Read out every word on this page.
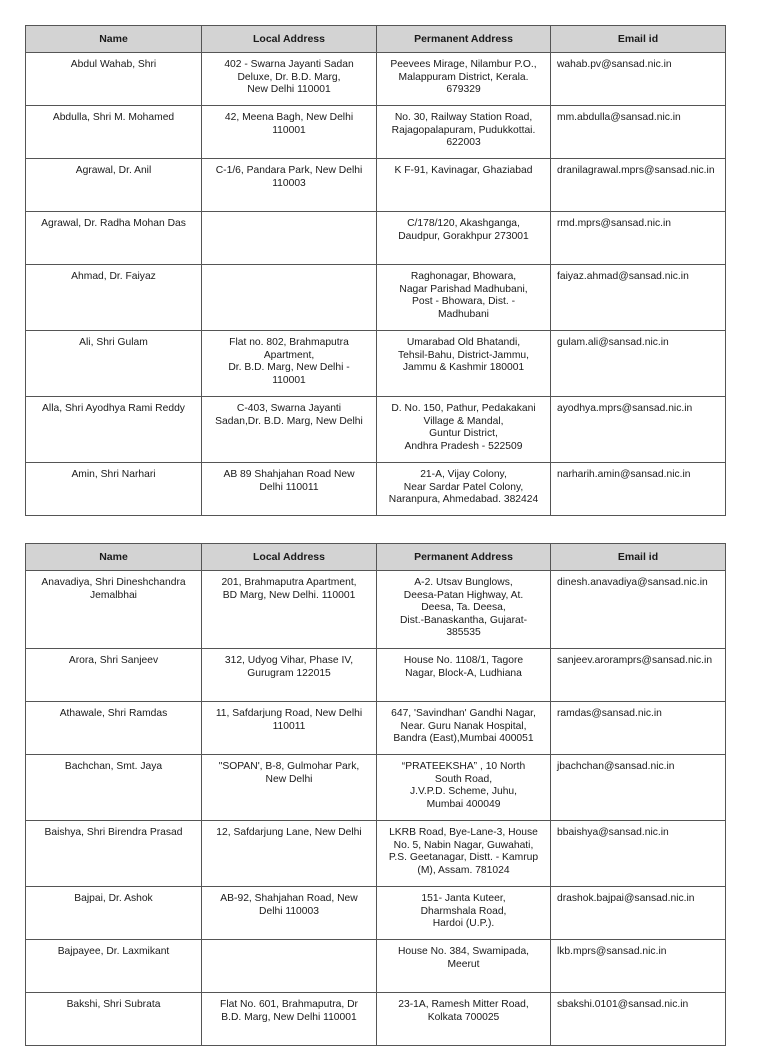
Name	Local Address	Permanent Address	Email id

Abdul Wahab, Shri	402 - Swarna Jayanti Sadan
Deluxe, Dr. B.D. Marg,
New Delhi 110001	Peevees Mirage, Nilambur P.O.,
Malappuram District, Kerala.
679329	wahab.pv@sansad.nic.in

Abdulla, Shri M. Mohamed	42, Meena Bagh, New Delhi
110001	No. 30, Railway Station Road,
Rajagopalapuram, Pudukkottai.
622003	mm.abdulla@sansad.nic.in

Agrawal, Dr. Anil	C-1/6, Pandara Park, New Delhi
110003	K F-91, Kavinagar, Ghaziabad	dranilagrawal.mprs@sansad.nic.in

Agrawal, Dr. Radha Mohan Das		C/178/120, Akashganga,
Daudpur, Gorakhpur 273001	rmd.mprs@sansad.nic.in

Ahmad, Dr. Faiyaz		Raghonagar, Bhowara,
Nagar Parishad Madhubani,
Post - Bhowara, Dist. -
Madhubani	faiyaz.ahmad@sansad.nic.in

Ali, Shri Gulam	Flat no. 802, Brahmaputra
Apartment,
Dr. B.D. Marg, New Delhi -
110001	Umarabad Old Bhatandi,
Tehsil-Bahu, District-Jammu,
Jammu & Kashmir 180001	gulam.ali@sansad.nic.in

Alla, Shri Ayodhya Rami Reddy	C-403, Swarna Jayanti
Sadan,Dr. B.D. Marg, New Delhi	D. No. 150, Pathur, Pedakakani
Village & Mandal,
Guntur District,
Andhra Pradesh - 522509	ayodhya.mprs@sansad.nic.in

Amin, Shri Narhari	AB 89 Shahjahan Road New
Delhi 110011	21-A, Vijay Colony,
Near Sardar Patel Colony,
Naranpura, Ahmedabad. 382424	narharih.amin@sansad.nic.in
Name	Local Address	Permanent Address	Email id

Anavadiya, Shri Dineshchandra
Jemalbhai	201, Brahmaputra Apartment,
BD Marg, New Delhi. 110001	A-2. Utsav Bunglows,
Deesa-Patan Highway, At.
Deesa, Ta. Deesa,
Dist.-Banaskantha, Gujarat-
385535	dinesh.anavadiya@sansad.nic.in

Arora, Shri Sanjeev	312, Udyog Vihar, Phase IV,
Gurugram 122015	House No. 1108/1, Tagore
Nagar, Block-A, Ludhiana	sanjeev.aroramprs@sansad.nic.in

Athawale, Shri Ramdas	11, Safdarjung Road, New Delhi
110011	647, 'Savindhan' Gandhi Nagar,
Near. Guru Nanak Hospital,
Bandra (East),Mumbai 400051	ramdas@sansad.nic.in

Bachchan, Smt. Jaya	"SOPAN', B-8, Gulmohar Park,
New Delhi	“PRATEEKSHA” , 10 North
South Road,
J.V.P.D. Scheme, Juhu,
Mumbai 400049	jbachchan@sansad.nic.in

Baishya, Shri Birendra Prasad	12, Safdarjung Lane, New Delhi	LKRB Road, Bye-Lane-3, House
No. 5, Nabin Nagar, Guwahati,
P.S. Geetanagar, Distt. - Kamrup
(M), Assam. 781024	bbaishya@sansad.nic.in

Bajpai, Dr. Ashok	AB-92, Shahjahan Road, New
Delhi 110003	151- Janta Kuteer,
Dharmshala Road,
Hardoi (U.P.).	drashok.bajpai@sansad.nic.in

Bajpayee, Dr. Laxmikant		House No. 384, Swamipada,
Meerut	lkb.mprs@sansad.nic.in

Bakshi, Shri Subrata	Flat No. 601, Brahmaputra, Dr
B.D. Marg, New Delhi 110001	23-1A, Ramesh Mitter Road,
Kolkata 700025	sbakshi.0101@sansad.nic.in
